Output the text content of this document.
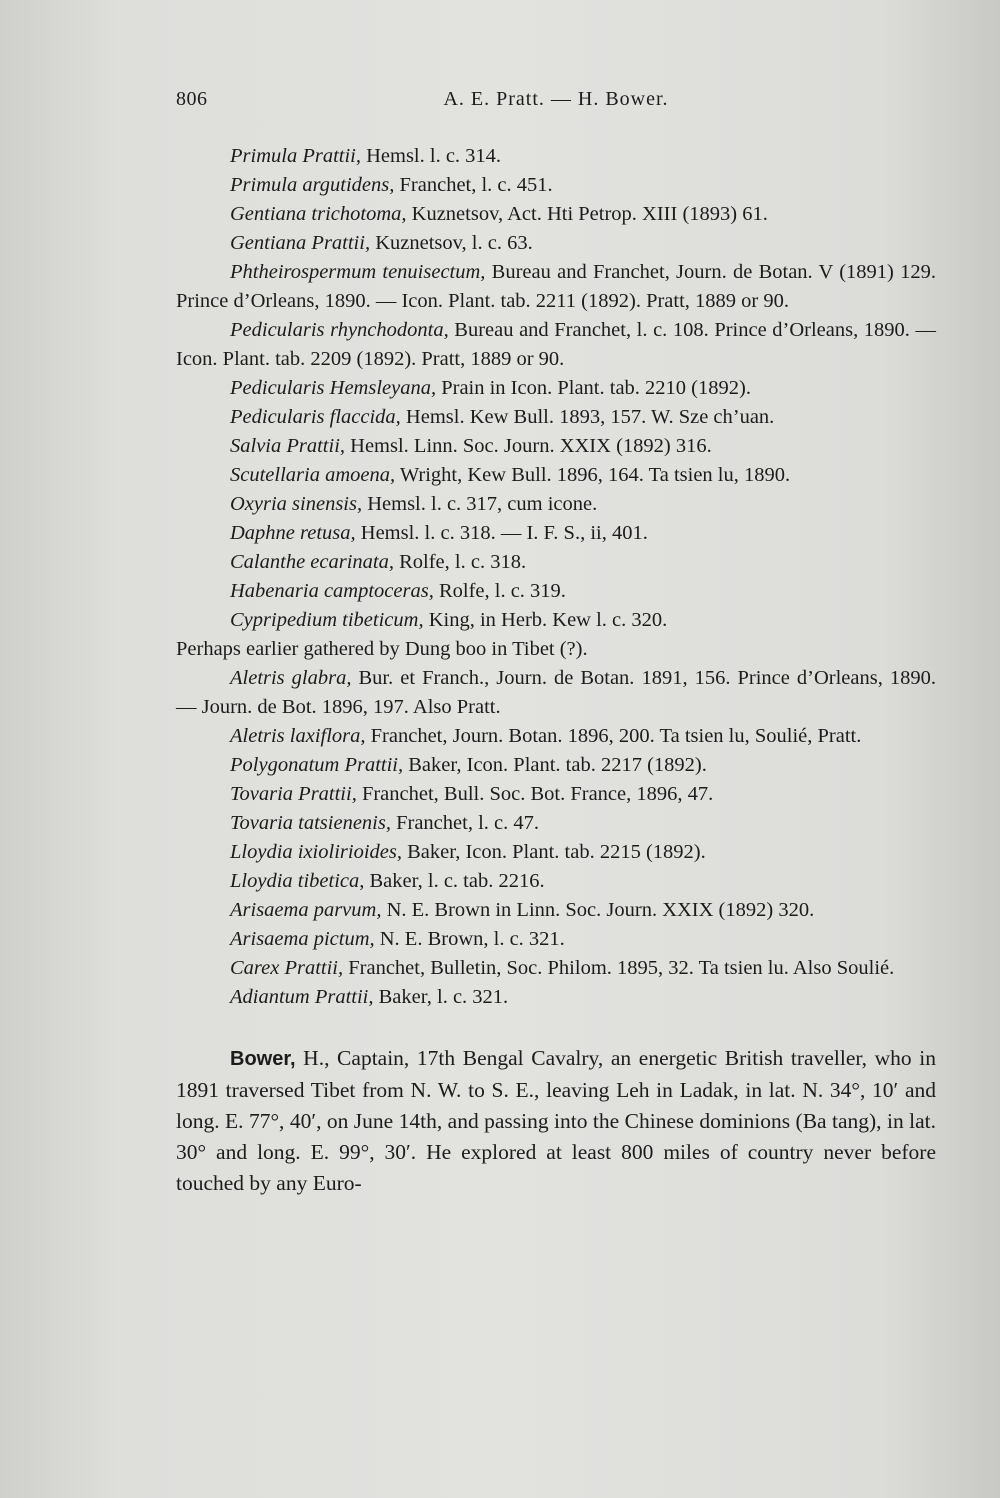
806	A. E. Pratt. — H. Bower.

Primula Prattii, Hemsl. l. c. 314.

Primula argutidens, Franchet, l. c. 451.

Gentiana trichotoma, Kuznetsov, Act. Hti Petrop. XIII (1893) 61.

Gentiana Prattii, Kuznetsov, l. c. 63.

Phtheirospermum tenuisectum, Bureau and Franchet, Journ. de Botan. V (1891) 129. Prince d’Orleans, 1890. — Icon. Plant. tab. 2211 (1892). Pratt, 1889 or 90.

Pedicularis rhynchodonta, Bureau and Franchet, l. c. 108. Prince d’Orleans, 1890. — Icon. Plant. tab. 2209 (1892). Pratt, 1889 or 90.

Pedicularis Hemsleyana, Prain in Icon. Plant. tab. 2210 (1892).

Pedicularis flaccida, Hemsl. Kew Bull. 1893, 157. W. Sze ch’uan.

Salvia Prattii, Hemsl. Linn. Soc. Journ. XXIX (1892) 316.

Scutellaria amoena, Wright, Kew Bull. 1896, 164. Ta tsien lu, 1890.

Oxyria sinensis, Hemsl. l. c. 317, cum icone.

Daphne retusa, Hemsl. l. c. 318. — I. F. S., ii, 401.

Calanthe ecarinata, Rolfe, l. c. 318.

Habenaria camptoceras, Rolfe, l. c. 319.

Cypripedium tibeticum, King, in Herb. Kew l. c. 320.

Perhaps earlier gathered by Dung boo in Tibet (?).

Aletris glabra, Bur. et Franch., Journ. de Botan. 1891, 156. Prince d’Orleans, 1890. — Journ. de Bot. 1896, 197. Also Pratt.

Aletris laxiflora, Franchet, Journ. Botan. 1896, 200. Ta tsien lu, Soulié, Pratt.

Polygonatum Prattii, Baker, Icon. Plant. tab. 2217 (1892).

Tovaria Prattii, Franchet, Bull. Soc. Bot. France, 1896, 47.

Tovaria tatsienenis, Franchet, l. c. 47.

Lloydia ixiolirioides, Baker, Icon. Plant. tab. 2215 (1892).

Lloydia tibetica, Baker, l. c. tab. 2216.

Arisaema parvum, N. E. Brown in Linn. Soc. Journ. XXIX (1892) 320.

Arisaema pictum, N. E. Brown, l. c. 321.

Carex Prattii, Franchet, Bulletin, Soc. Philom. 1895, 32. Ta tsien lu. Also Soulié.

Adiantum Prattii, Baker, l. c. 321.

Bower, H., Captain, 17th Bengal Cavalry, an energetic British traveller, who in 1891 traversed Tibet from N. W. to S. E., leaving Leh in Ladak, in lat. N. 34°, 10′ and long. E. 77°, 40′, on June 14th, and passing into the Chinese dominions (Ba tang), in lat. 30° and long. E. 99°, 30′. He explored at least 800 miles of country never before touched by any Euro-
